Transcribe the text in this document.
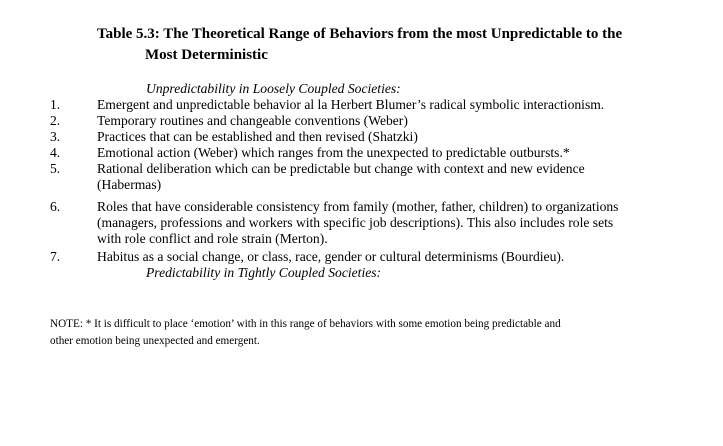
Table 5.3: The Theoretical Range of Behaviors from the most Unpredictable to the
Most Deterministic
Unpredictability in Loosely Coupled Societies:
1.	Emergent and unpredictable behavior al la Herbert Blumer’s radical symbolic interactionism.
2.	Temporary routines and changeable conventions (Weber)
3.	Practices that can be established and then revised (Shatzki)
4.	Emotional action (Weber) which ranges from the unexpected to predictable outbursts.*
5.	Rational deliberation which can be predictable but change with context and new evidence
(Habermas)
6.	Roles that have considerable consistency from family (mother, father, children) to organizations
(managers, professions and workers with specific job descriptions). This also includes role sets
with role conflict and role strain (Merton).
7.	Habitus as a social change, or class, race, gender or cultural determinisms (Bourdieu).
Predictability in Tightly Coupled Societies:
NOTE: * It is difficult to place ‘emotion’ with in this range of behaviors with some emotion being predictable and
other emotion being unexpected and emergent.
